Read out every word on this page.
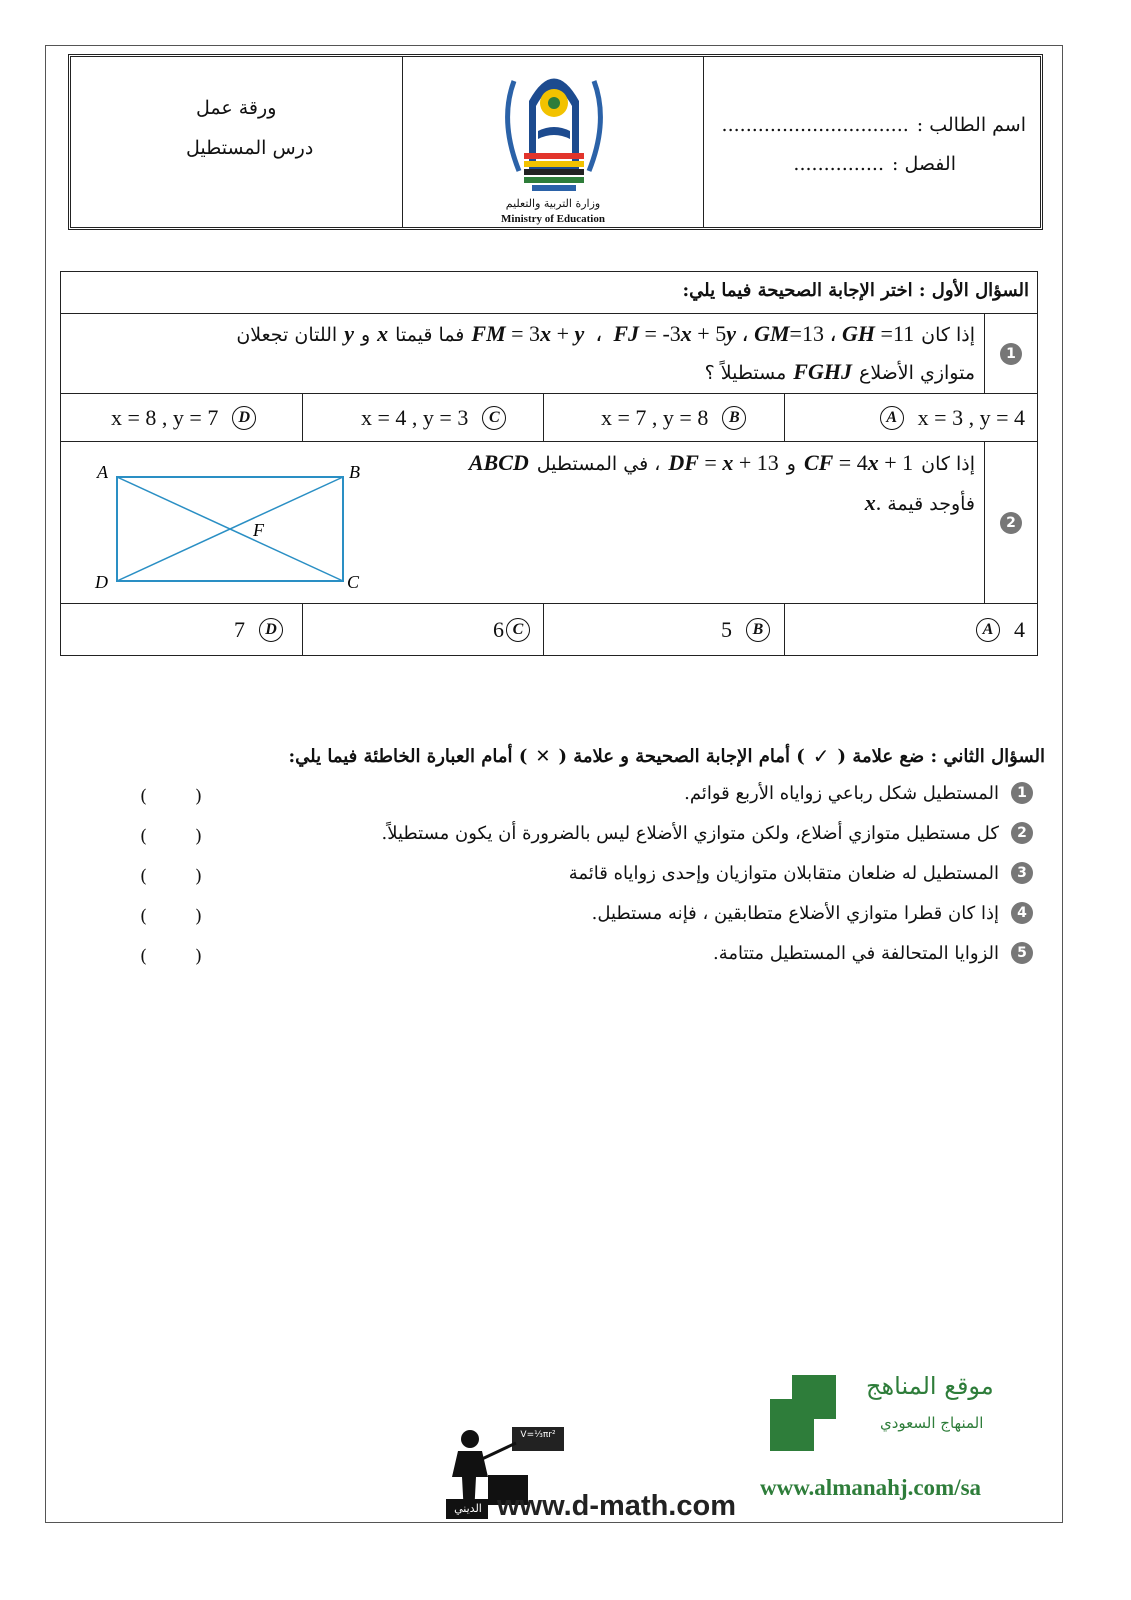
ورقة عمل
درس المستطيل
وزارة التربية والتعليم
Ministry of Education
اسم الطالب :
...............................
الفصل :
...............
السؤال الأول : اختر الإجابة الصحيحة فيما يلي:
1
إذا كان
FM = 3x + y  ،  FJ = -3x + 5y ، GM=13 ، GH =11
فما قيمتا
x
و
y
اللتان تجعلان
متوازي الأضلاع
FGHJ
مستطيلاً ؟
A x = 3 , y = 4
x = 7 , y = 8	B
x = 4 , y = 3	C
x = 8 , y = 7	D
2
إذا كان
CF = 4x + 1
و
DF = x + 13
، في المستطيل
ABCD
فأوجد قيمة
x.
A	B
C
D
F
A 4
5	B
6 C
7	D
السؤال الثاني : ضع علامة (
✓
) أمام الإجابة الصحيحة و علامة (
✕
) أمام العبارة الخاطئة فيما يلي:
1
المستطيل شكل رباعي زواياه الأربع قوائم.
(	)
2
كل مستطيل متوازي أضلاع، ولكن متوازي الأضلاع ليس بالضرورة أن يكون مستطيلاً.
(	)
3
المستطيل له ضلعان متقابلان متوازيان وإحدى زواياه قائمة
(	)
4
إذا كان قطرا متوازي الأضلاع متطابقين ، فإنه مستطيل.
(	)
5
الزوايا المتحالفة في المستطيل متتامة.
(	)
موقع المناهج
المنهاج السعودي
www.almanahj.com/sa
V=⅓πr²
الديني www.d-math.com
